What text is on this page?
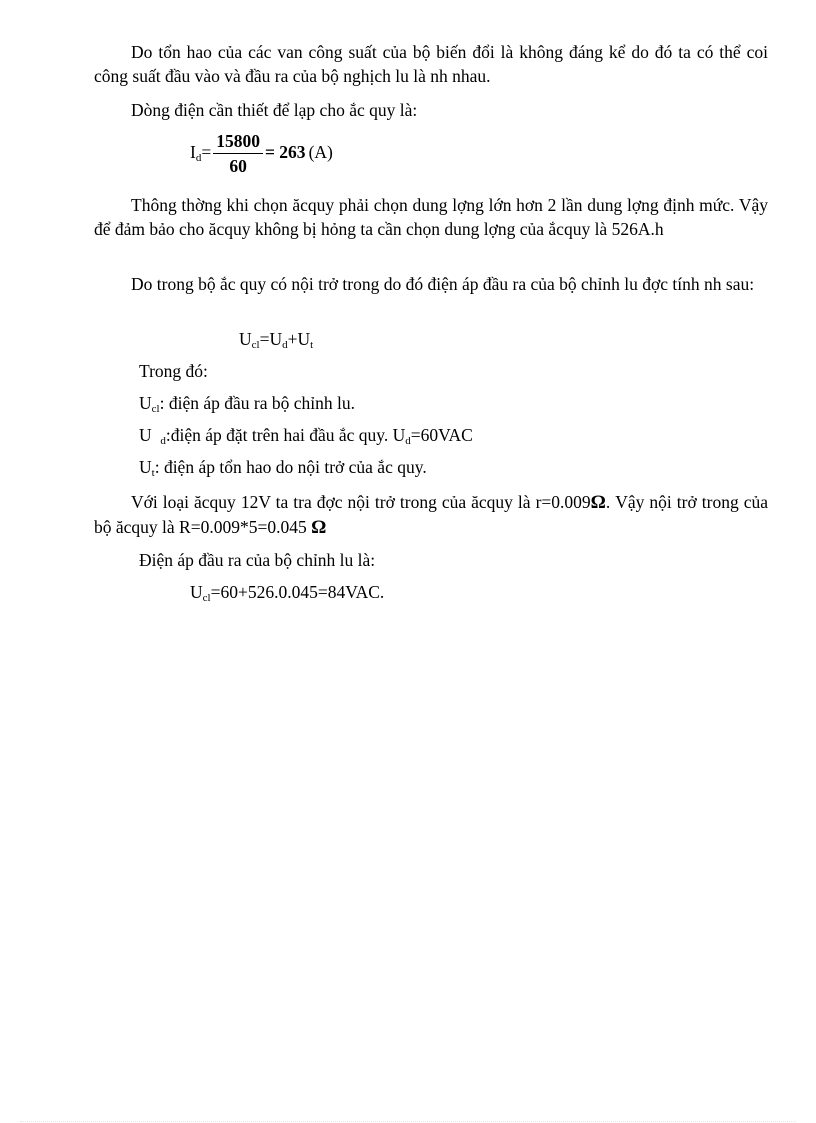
Do tổn hao của các van công suất của bộ biến đổi là không đáng kể do đó ta có thể coi công suất đầu vào và đầu ra của bộ nghịch lu là nh nhau.
Dòng điện cần thiết để lạp cho ắc quy là:
$I_d= \frac{15800}{60} = 263$ (A)
Thông thờng khi chọn ăcquy phải chọn dung lợng lớn hơn 2 lần dung lợng định mức. Vậy để đảm bảo cho ăcquy không bị hỏng ta cần chọn dung lợng của ắcquy là 526A.h
Do trong bộ ắc quy có nội trở trong do đó điện áp đầu ra của bộ chỉnh lu đợc tính nh sau:
$U_{cl}=U_d+U_t$
Trong đó:
$U_{cl}$: điện áp đầu ra bộ chỉnh lu.
U  $_d$:điện áp đặt trên hai đầu ắc quy. $U_d=60VAC$
$U_t$: điện áp tổn hao do nội trở của ắc quy.
Với loại ăcquy 12V ta tra đợc nội trở trong của ăcquy là r=0.009Ω. Vậy nội trở trong của bộ ăcquy là R=0.009*5=0.045 Ω
Điện áp đầu ra của bộ chỉnh lu là:
$U_{cl}=60+526.0.045=84VAC$.
